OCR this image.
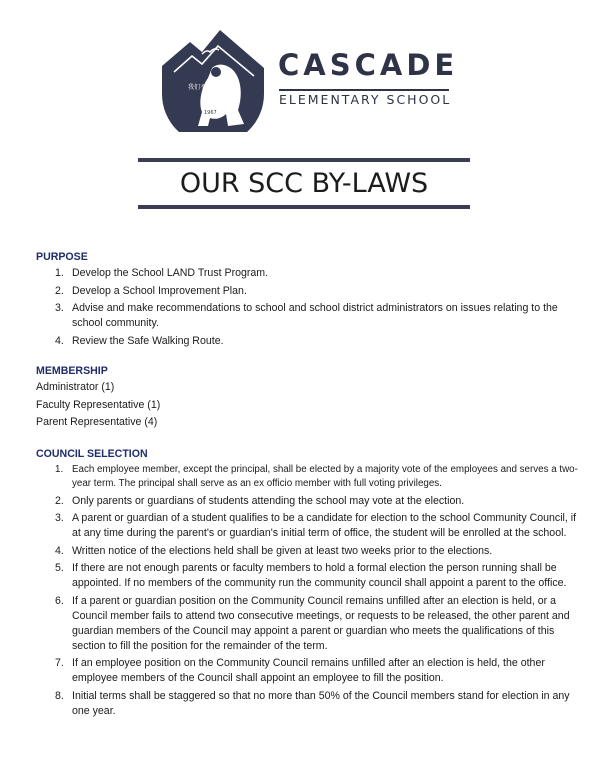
我们不说后
1967
CASCADE
ELEMENTARY SCHOOL
OUR SCC BY-LAWS
PURPOSE
1. Develop the School LAND Trust Program.
2. Develop a School Improvement Plan.
3. Advise and make recommendations to school and school district administrators on issues relating to the school community.
4. Review the Safe Walking Route.
MEMBERSHIP
Administrator (1)
Faculty Representative (1)
Parent Representative (4)
COUNCIL SELECTION
1. Each employee member, except the principal, shall be elected by a majority vote of the employees and serves a two-year term. The principal shall serve as an ex officio member with full voting privileges.
2. Only parents or guardians of students attending the school may vote at the election.
3. A parent or guardian of a student qualifies to be a candidate for election to the school Community Council, if at any time during the parent's or guardian's initial term of office, the student will be enrolled at the school.
4. Written notice of the elections held shall be given at least two weeks prior to the elections.
5. If there are not enough parents or faculty members to hold a formal election the person running shall be appointed. If no members of the community run the community council shall appoint a parent to the office.
6. If a parent or guardian position on the Community Council remains unfilled after an election is held, or a Council member fails to attend two consecutive meetings, or requests to be released, the other parent and guardian members of the Council may appoint a parent or guardian who meets the qualifications of this section to fill the position for the remainder of the term.
7. If an employee position on the Community Council remains unfilled after an election is held, the other employee members of the Council shall appoint an employee to fill the position.
8. Initial terms shall be staggered so that no more than 50% of the Council members stand for election in any one year.
